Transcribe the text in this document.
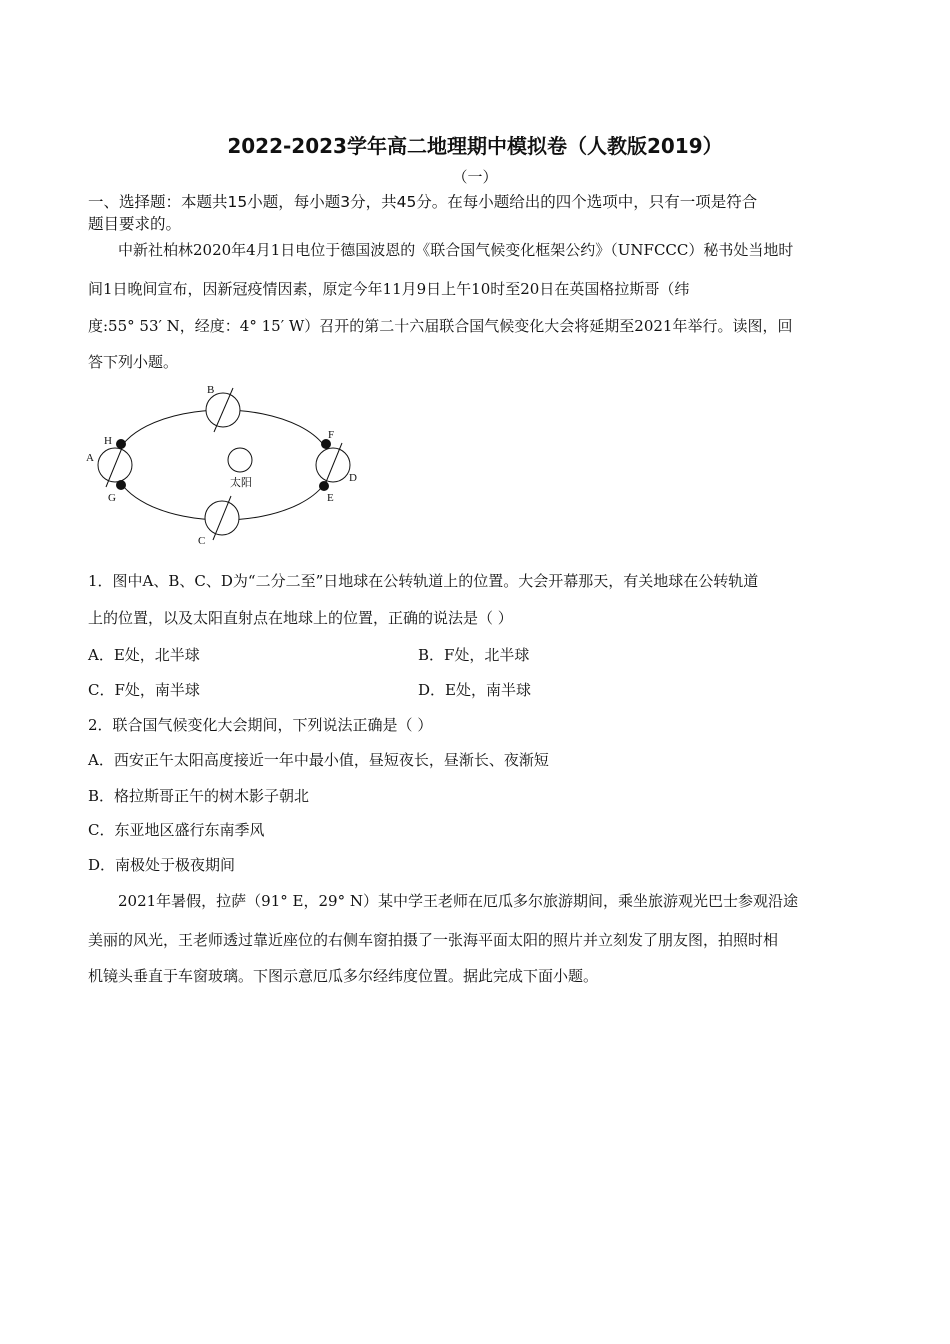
2022-2023学年高二地理期中模拟卷（人教版2019）
（一）
一、选择题：本题共15小题，每小题3分，共45分。在每小题给出的四个选项中，只有一项是符合
题目要求的。
中新社柏林2020年4月1日电位于德国波恩的《联合国气候变化框架公约》（UNFCCC）秘书处当地时
间1日晚间宣布，因新冠疫情因素，原定今年11月9日上午10时至20日在英国格拉斯哥（纬
度:55° 53′ N，经度：4° 15′ W）召开的第二十六届联合国气候变化大会将延期至2021年举行。读图，回
答下列小题。
太阳
B
A
H
G
F
D
E
C
1．图中A、B、C、D为“二分二至”日地球在公转轨道上的位置。大会开幕那天，有关地球在公转轨道
上的位置，以及太阳直射点在地球上的位置，正确的说法是（ ）
A．E处，北半球	B．F处，北半球
C．F处，南半球	D．E处，南半球
2．联合国气候变化大会期间，下列说法正确是（ ）
A．西安正午太阳高度接近一年中最小值，昼短夜长，昼渐长、夜渐短
B．格拉斯哥正午的树木影子朝北
C．东亚地区盛行东南季风
D．南极处于极夜期间
2021年暑假，拉萨（91° E，29° N）某中学王老师在厄瓜多尔旅游期间，乘坐旅游观光巴士参观沿途
美丽的风光，王老师透过靠近座位的右侧车窗拍摄了一张海平面太阳的照片并立刻发了朋友图，拍照时相
机镜头垂直于车窗玻璃。下图示意厄瓜多尔经纬度位置。据此完成下面小题。
